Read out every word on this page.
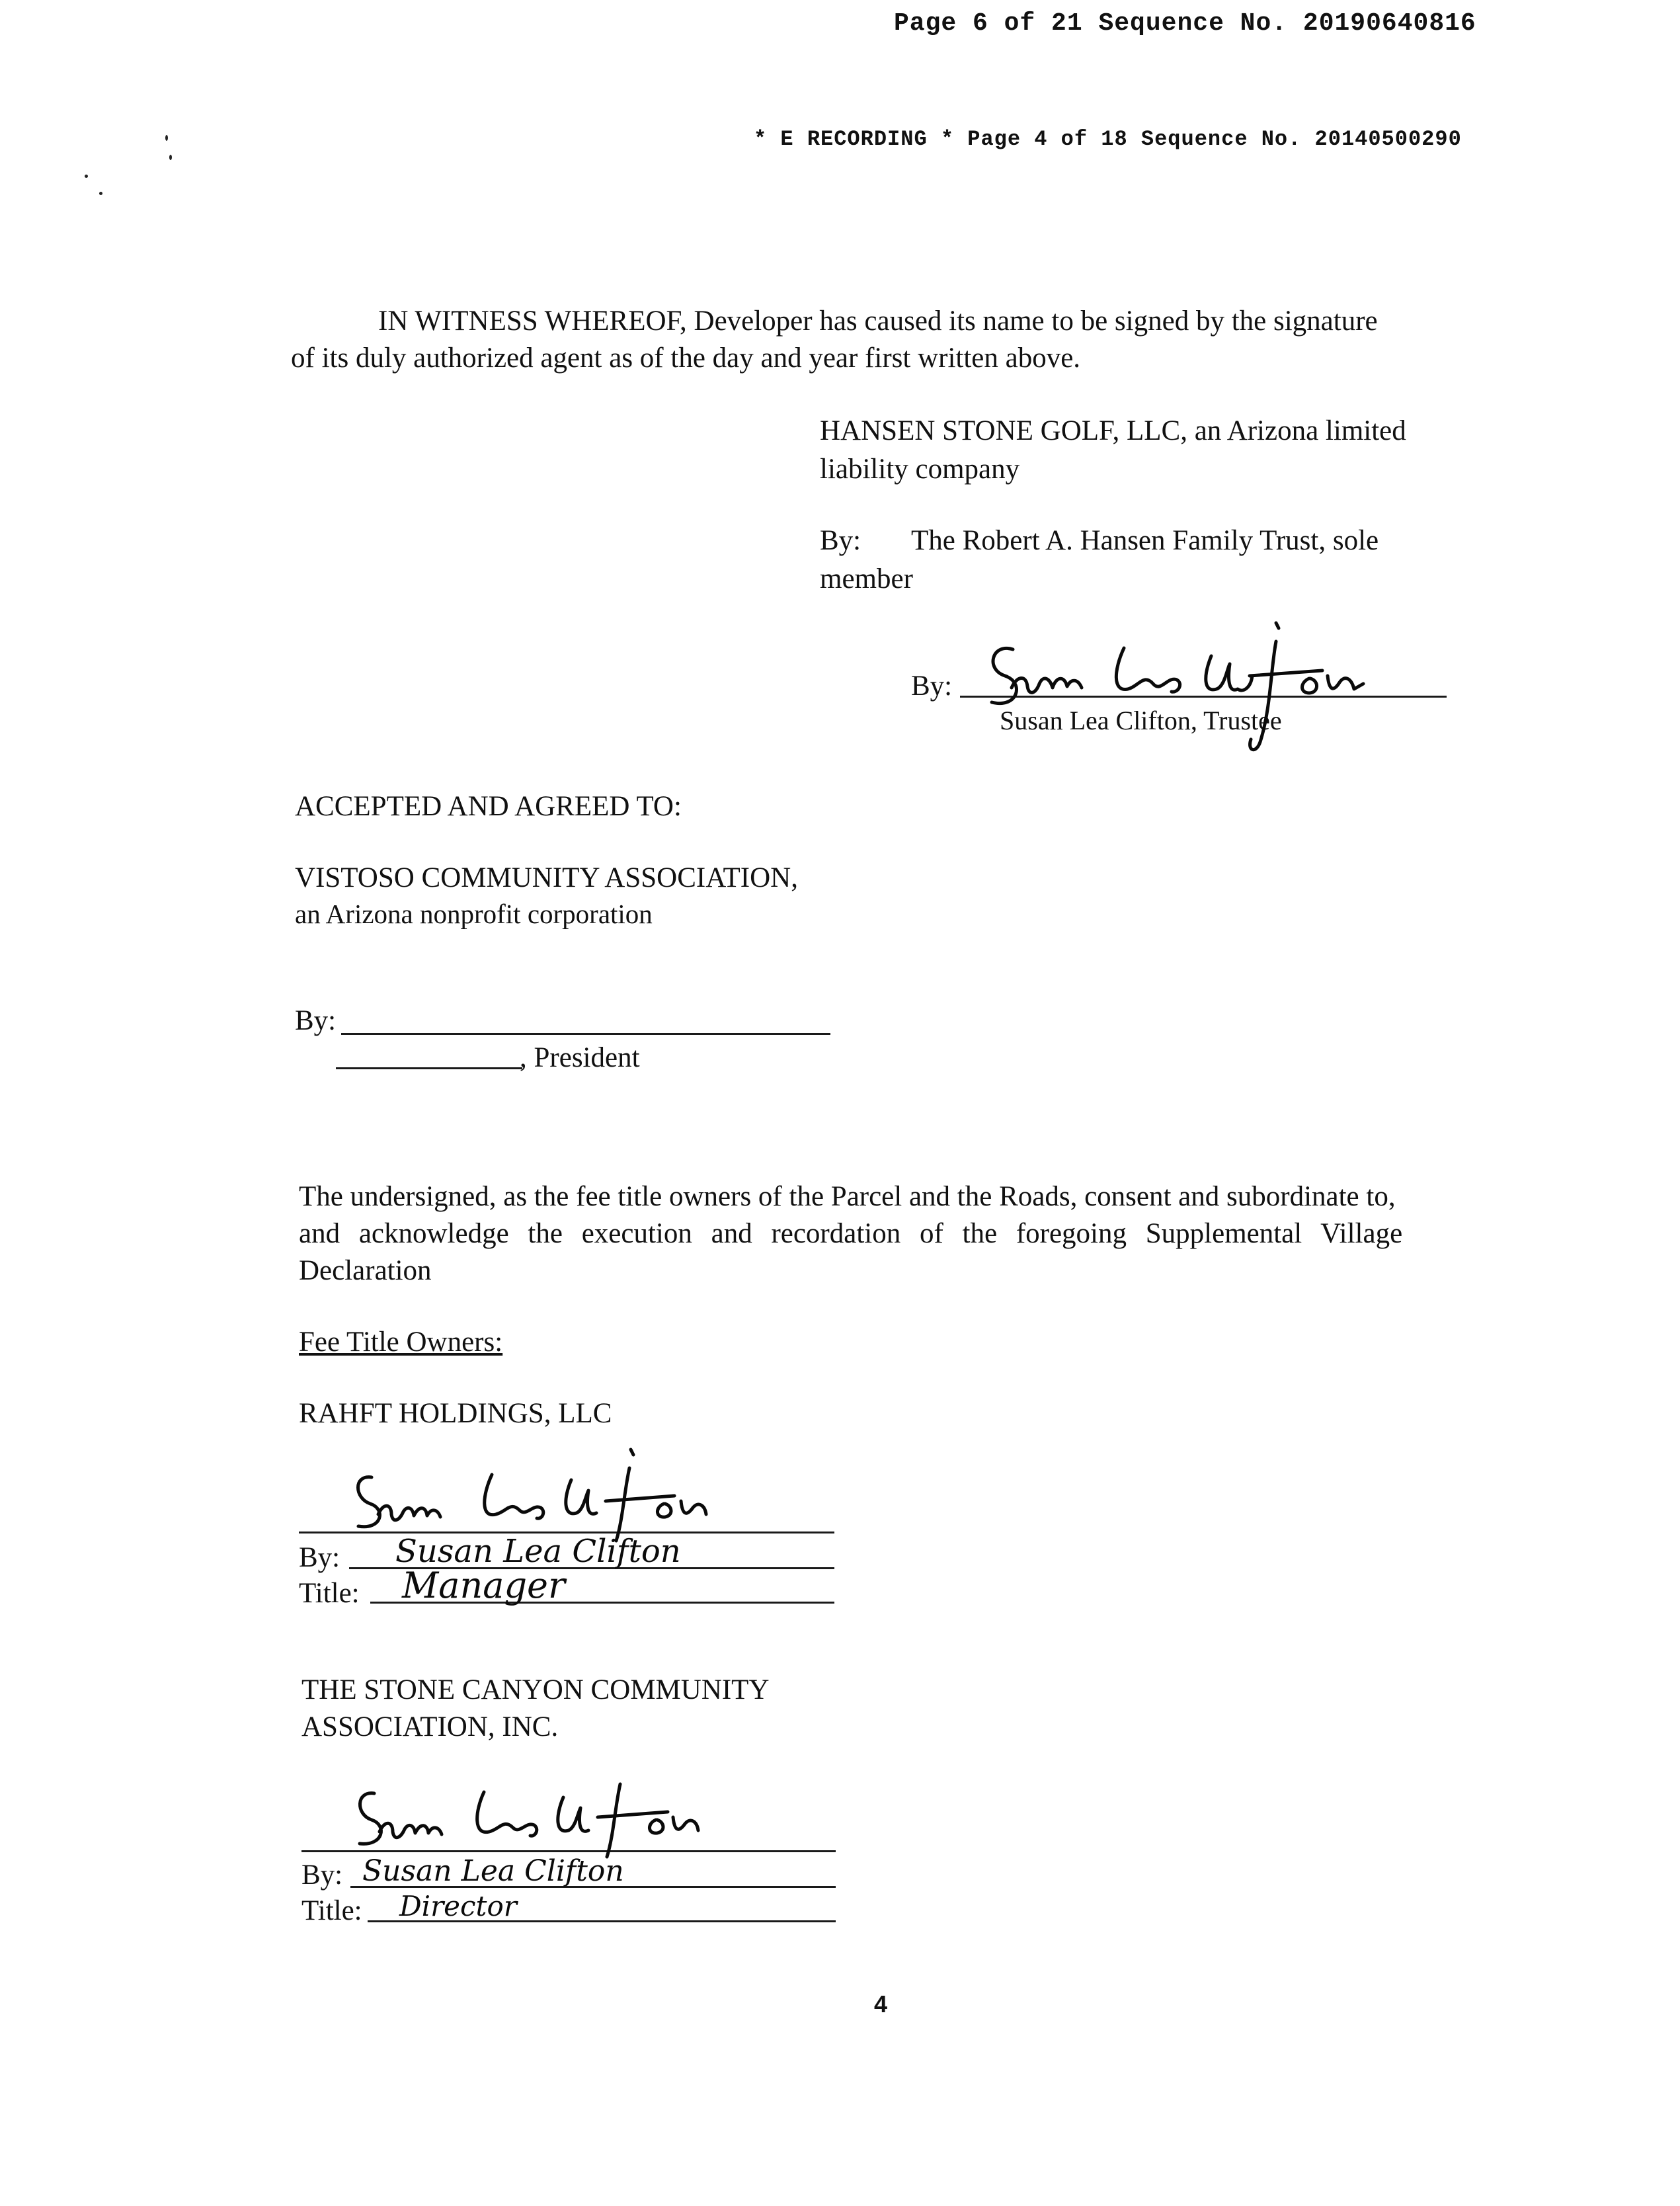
Page 6 of 21 Sequence No. 20190640816
* E RECORDING * Page 4 of 18 Sequence No. 20140500290
IN WITNESS WHEREOF, Developer has caused its name to be signed by the signature
of its duly authorized agent as of the day and year first written above.
HANSEN STONE GOLF, LLC, an Arizona limited
liability company
By: The Robert A. Hansen Family Trust, sole
member
By:
Susan Lea Clifton, Trustee
ACCEPTED AND AGREED TO:
VISTOSO COMMUNITY ASSOCIATION,
an Arizona nonprofit corporation
By:
, President
The undersigned, as the fee title owners of the Parcel and the Roads, consent and subordinate to,
and acknowledge the execution and recordation of the foregoing Supplemental Village
Declaration
Fee Title Owners:
RAHFT HOLDINGS, LLC
By: Susan Lea Clifton
Title: Manager
THE STONE CANYON COMMUNITY
ASSOCIATION, INC.
By: Susan Lea Clifton
Title: Director
4
